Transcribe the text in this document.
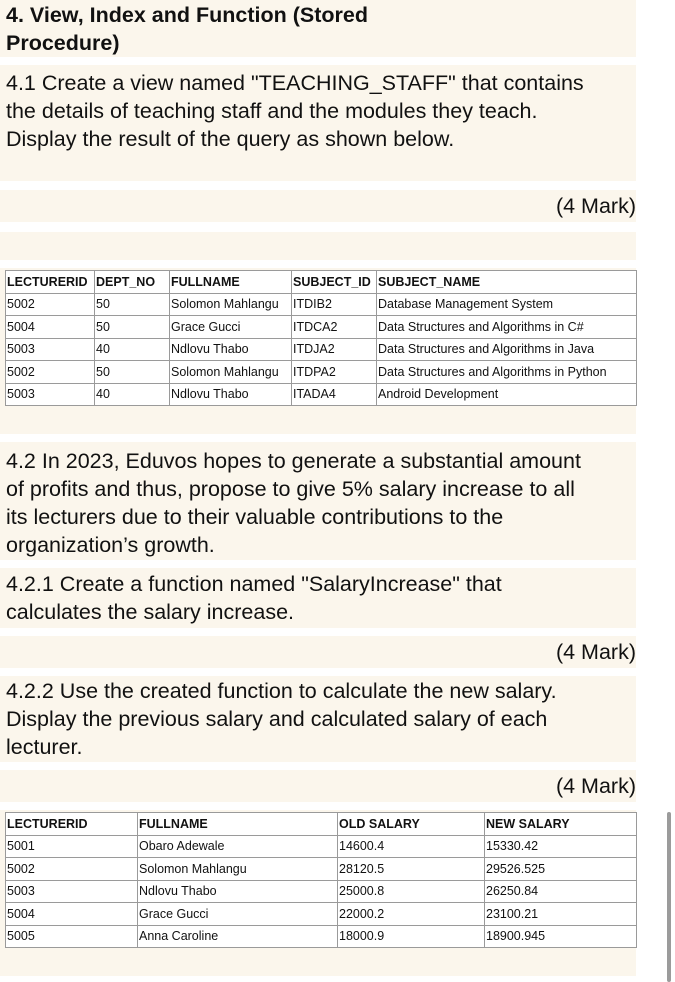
4. View, Index and Function (Stored

Procedure)

4.1 Create a view named "TEACHING_STAFF" that contains

the details of teaching staff and the modules they teach.

Display the result of the query as shown below.

(4 Mark)
LECTURERID	DEPT_NO	FULLNAME	SUBJECT_ID	SUBJECT_NAME
5002	50	Solomon Mahlangu	ITDIB2	Database Management System
5004	50	Grace Gucci	ITDCA2	Data Structures and Algorithms in C#
5003	40	Ndlovu Thabo	ITDJA2	Data Structures and Algorithms in Java
5002	50	Solomon Mahlangu	ITDPA2	Data Structures and Algorithms in Python
5003	40	Ndlovu Thabo	ITADA4	Android Development

4.2 In 2023, Eduvos hopes to generate a substantial amount

of profits and thus, propose to give 5% salary increase to all

its lecturers due to their valuable contributions to the

organization’s growth.

4.2.1 Create a function named "SalaryIncrease" that

calculates the salary increase.

(4 Mark)

4.2.2 Use the created function to calculate the new salary.

Display the previous salary and calculated salary of each

lecturer.

(4 Mark)
LECTURERID	FULLNAME	OLD SALARY	NEW SALARY
5001	Obaro Adewale	14600.4	15330.42
5002	Solomon Mahlangu	28120.5	29526.525
5003	Ndlovu Thabo	25000.8	26250.84
5004	Grace Gucci	22000.2	23100.21
5005	Anna Caroline	18000.9	18900.945
